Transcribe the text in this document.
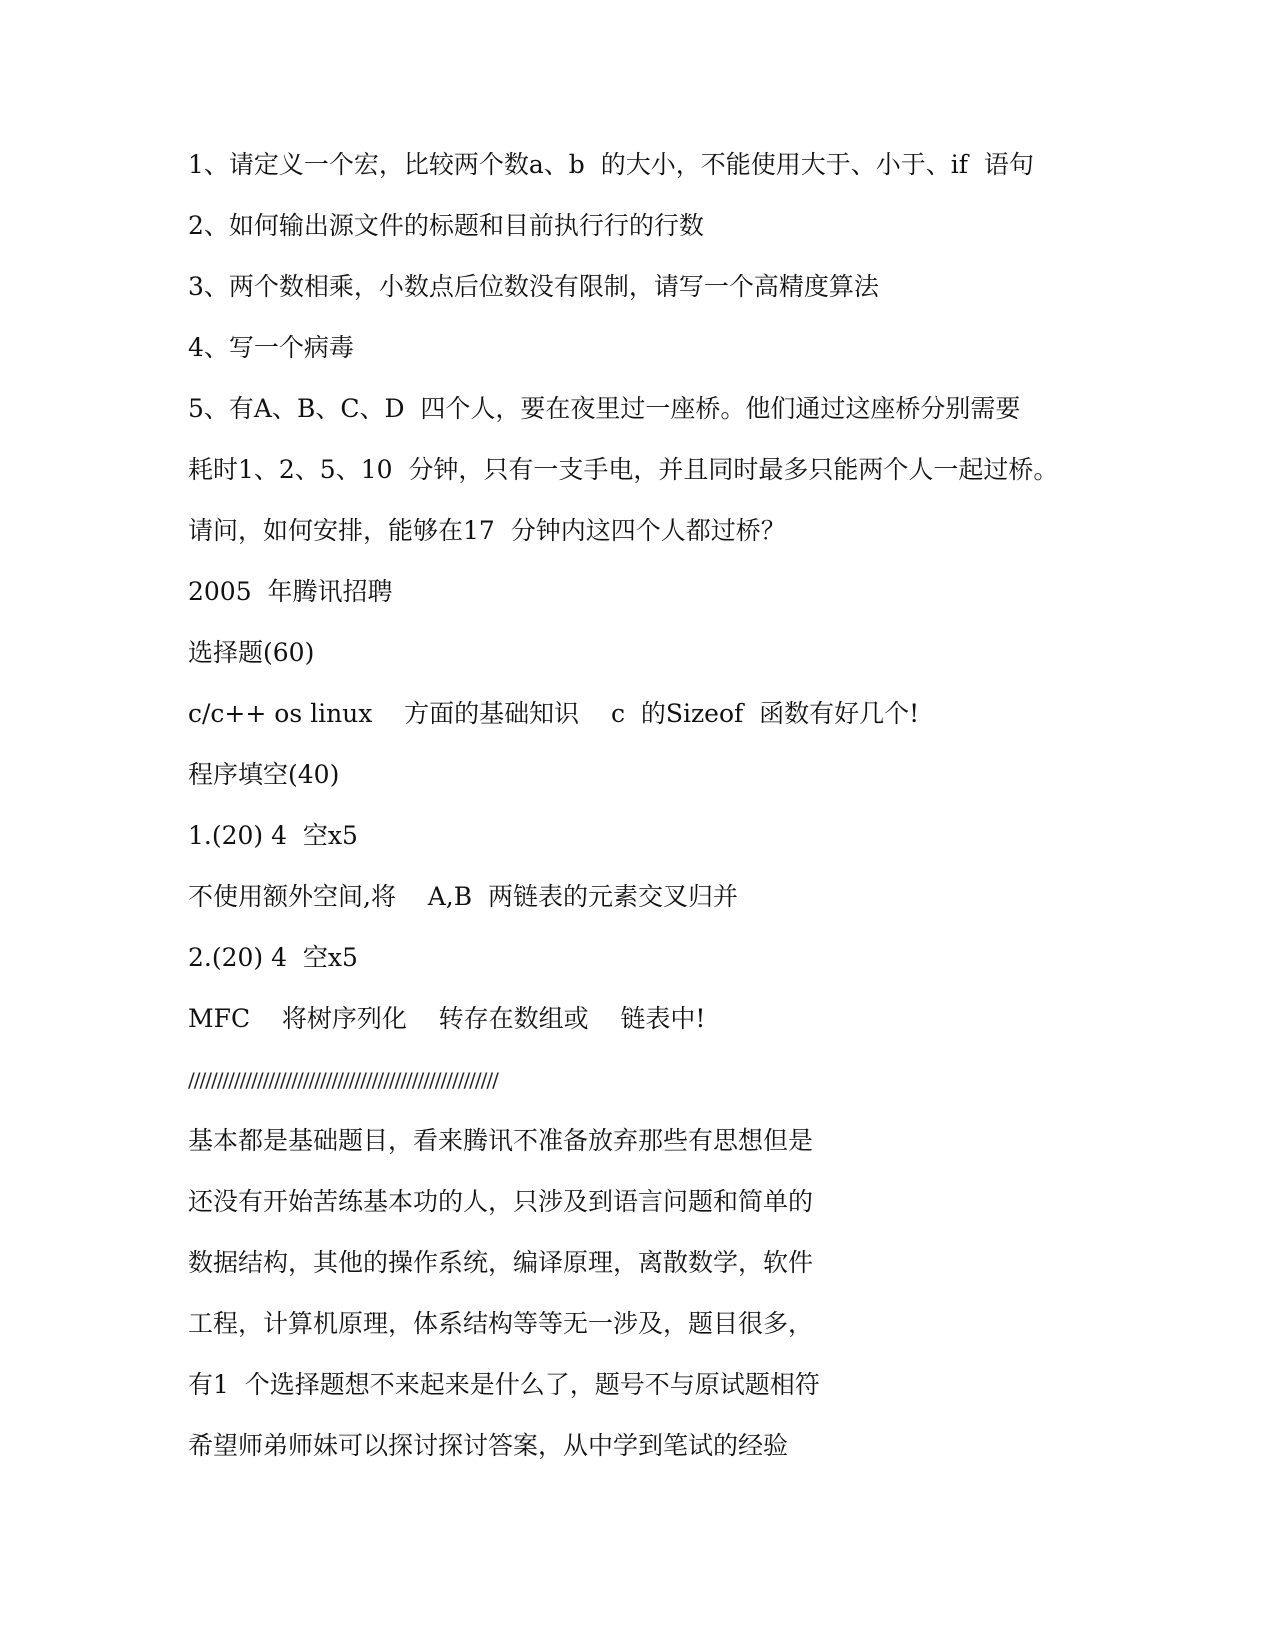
1、请定义一个宏，比较两个数a、b  的大小，不能使用大于、小于、if  语句
2、如何输出源文件的标题和目前执行行的行数
3、两个数相乘，小数点后位数没有限制，请写一个高精度算法
4、写一个病毒
5、有A、B、C、D  四个人，要在夜里过一座桥。他们通过这座桥分别需要
耗时1、2、5、10  分钟，只有一支手电，并且同时最多只能两个人一起过桥。
请问，如何安排，能够在17  分钟内这四个人都过桥？
2005  年腾讯招聘
选择题(60)
c/c++ os linux    方面的基础知识    c  的Sizeof  函数有好几个!
程序填空(40)
1.(20) 4  空x5
不使用额外空间,将    A,B  两链表的元素交叉归并
2.(20) 4  空x5
MFC    将树序列化    转存在数组或    链表中!
//////////////////////////////////////////////////////
基本都是基础题目，看来腾讯不准备放弃那些有思想但是
还没有开始苦练基本功的人，只涉及到语言问题和简单的
数据结构，其他的操作系统，编译原理，离散数学，软件
工程，计算机原理，体系结构等等无一涉及，题目很多，
有1  个选择题想不来起来是什么了，题号不与原试题相符
希望师弟师妹可以探讨探讨答案，从中学到笔试的经验
